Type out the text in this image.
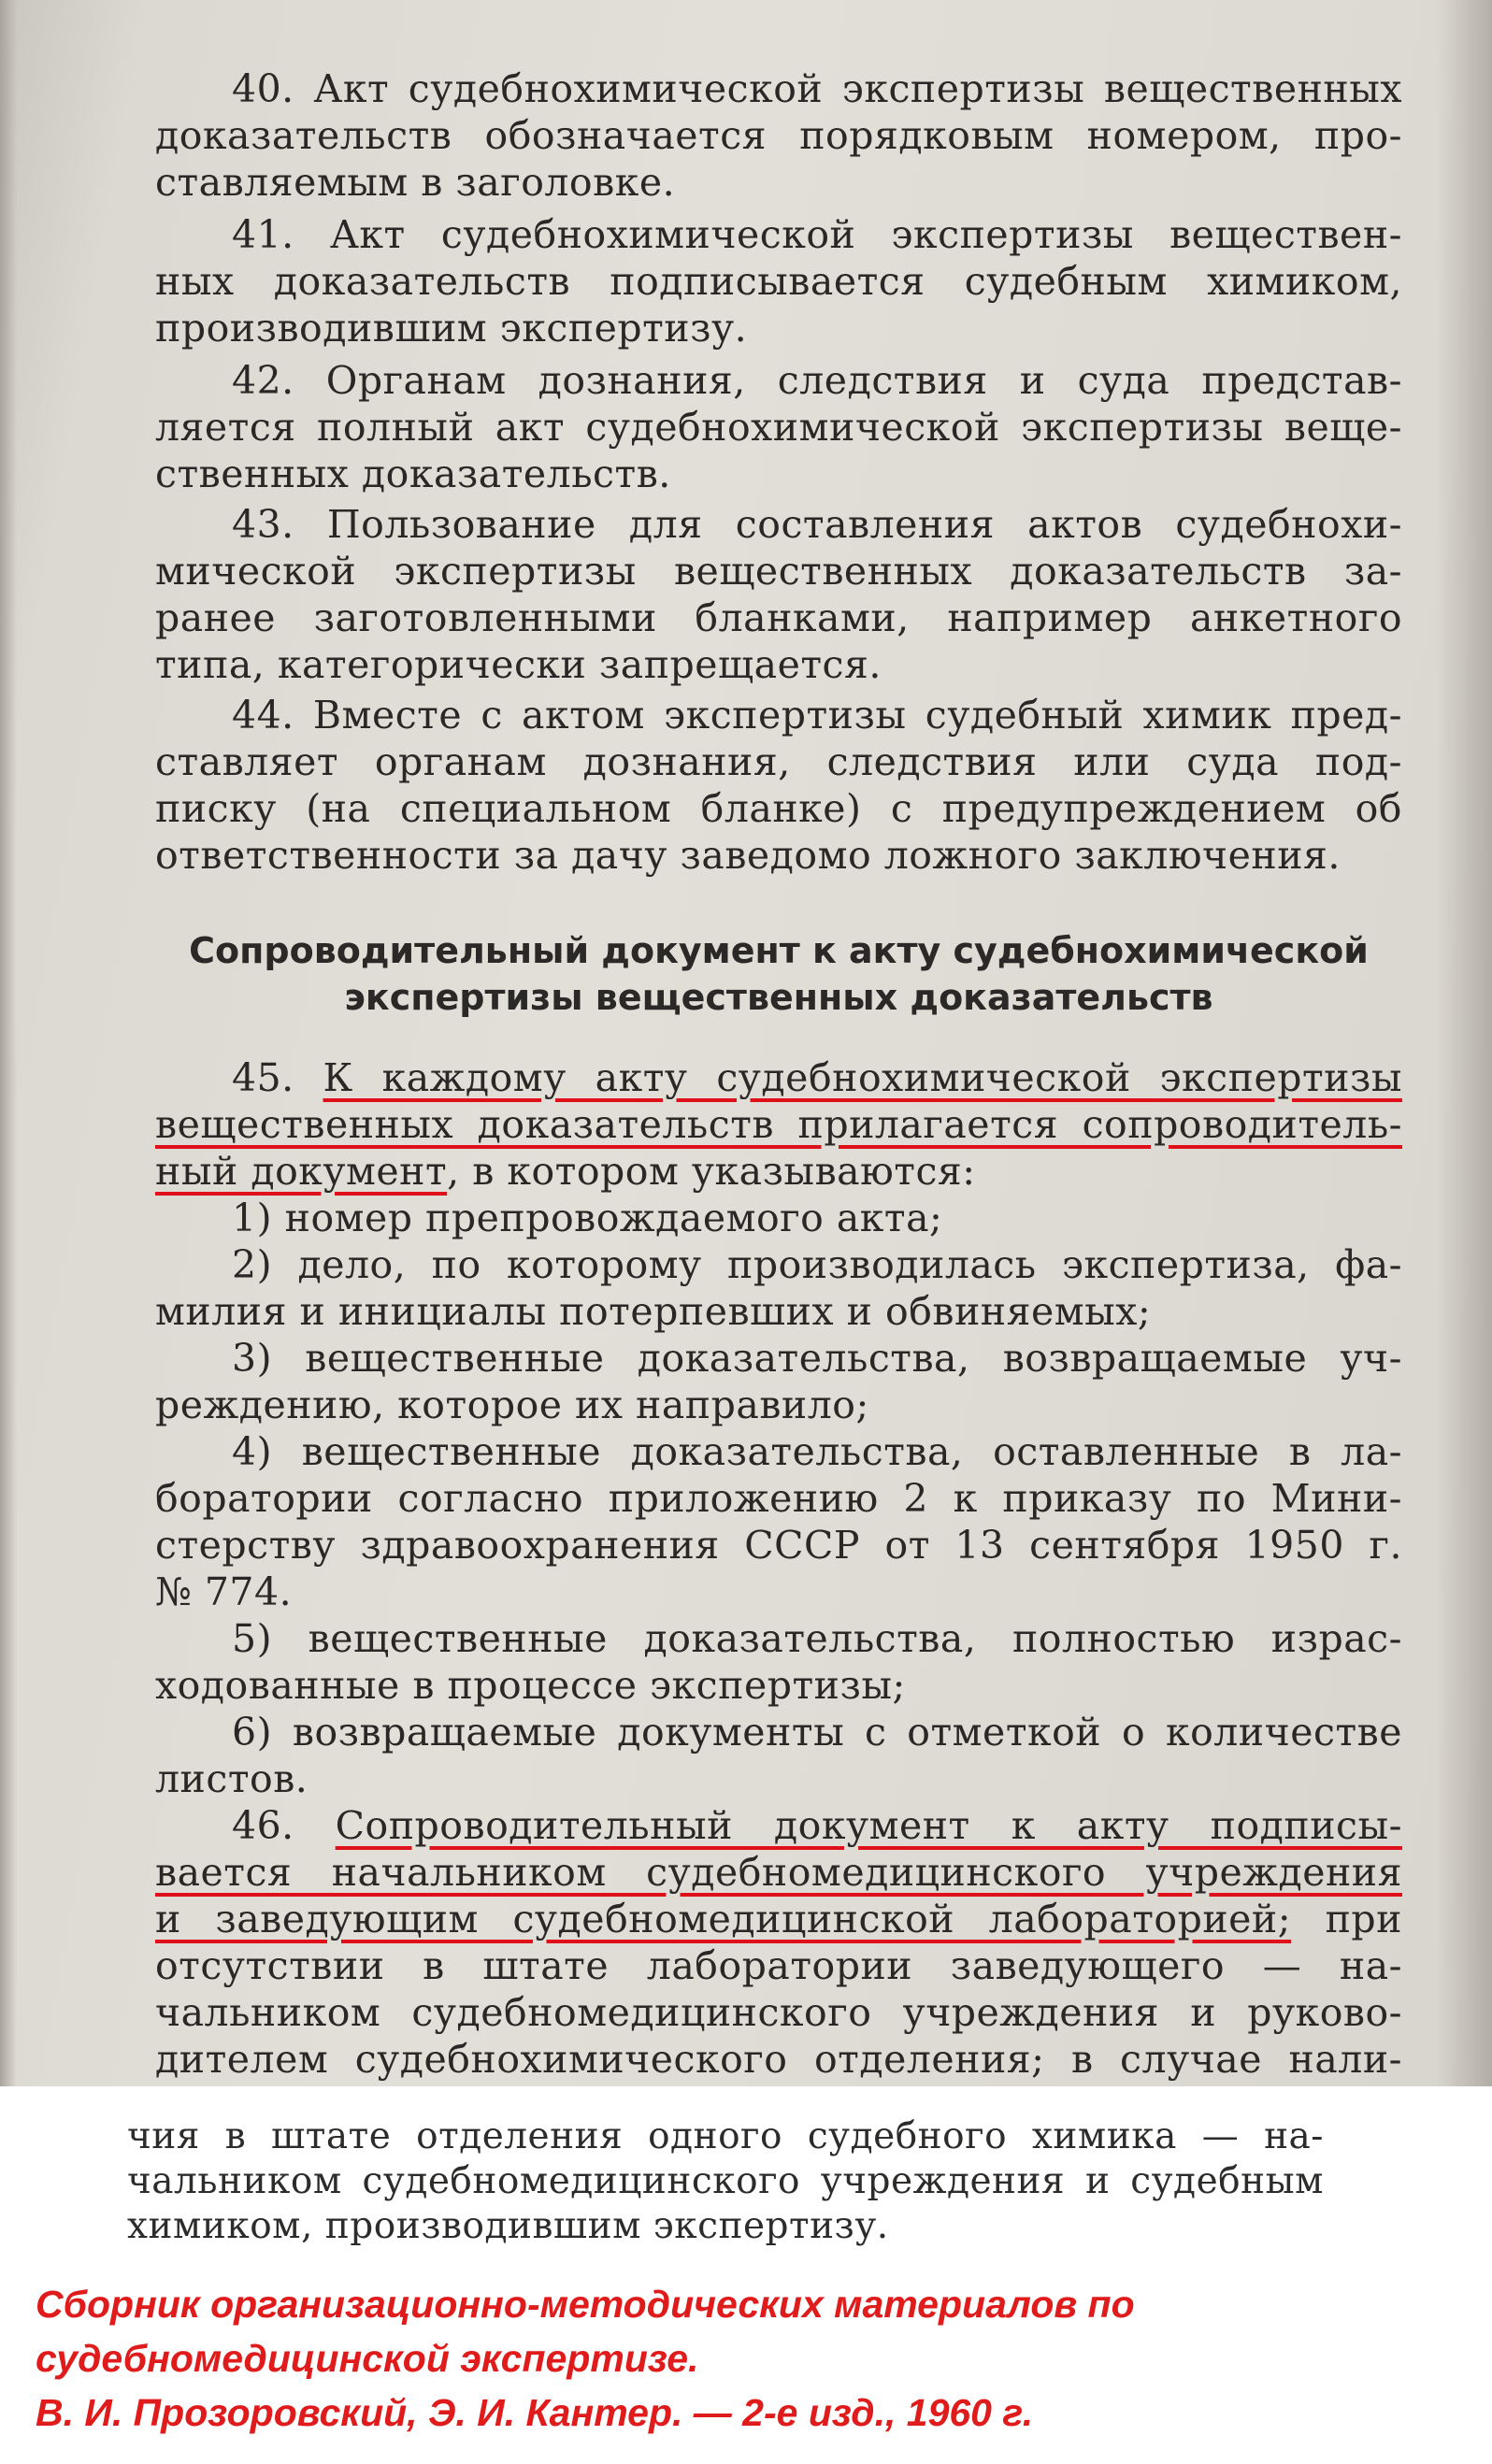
40. Акт судебнохимической экспертизы вещественных
доказательств обозначается порядковым номером, про-
ставляемым в заголовке.
41. Акт судебнохимической экспертизы веществен-
ных доказательств подписывается судебным химиком,
производившим экспертизу.
42. Органам дознания, следствия и суда представ-
ляется полный акт судебнохимической экспертизы веще-
ственных доказательств.
43. Пользование для составления актов судебнохи-
мической экспертизы вещественных доказательств за-
ранее заготовленными бланками, например анкетного
типа, категорически запрещается.
44. Вместе с актом экспертизы судебный химик пред-
ставляет органам дознания, следствия или суда под-
писку (на специальном бланке) с предупреждением об
ответственности за дачу заведомо ложного заключения.
Сопроводительный документ к акту судебнохимической
экспертизы вещественных доказательств
45. К каждому акту судебнохимической экспертизы
вещественных доказательств прилагается сопроводитель-
ный документ, в котором указываются:
1) номер препровождаемого акта;
2) дело, по которому производилась экспертиза, фа-
милия и инициалы потерпевших и обвиняемых;
3) вещественные доказательства, возвращаемые уч-
реждению, которое их направило;
4) вещественные доказательства, оставленные в ла-
боратории согласно приложению 2 к приказу по Мини-
стерству здравоохранения СССР от 13 сентября 1950 г.
№ 774.
5) вещественные доказательства, полностью израс-
ходованные в процессе экспертизы;
6) возвращаемые документы с отметкой о количестве
листов.
46. Сопроводительный документ к акту подписы-
вается начальником судебномедицинского учреждения
и заведующим судебномедицинской лабораторией; при
отсутствии в штате лаборатории заведующего — на-
чальником судебномедицинского учреждения и руково-
дителем судебнохимического отделения; в случае нали-
чия в штате отделения одного судебного химика — на-
чальником судебномедицинского учреждения и судебным
химиком, производившим экспертизу.
Сборник организационно-методических материалов по
судебномедицинской экспертизе.
В. И. Прозоровский, Э. И. Кантер. — 2-е изд., 1960 г.
